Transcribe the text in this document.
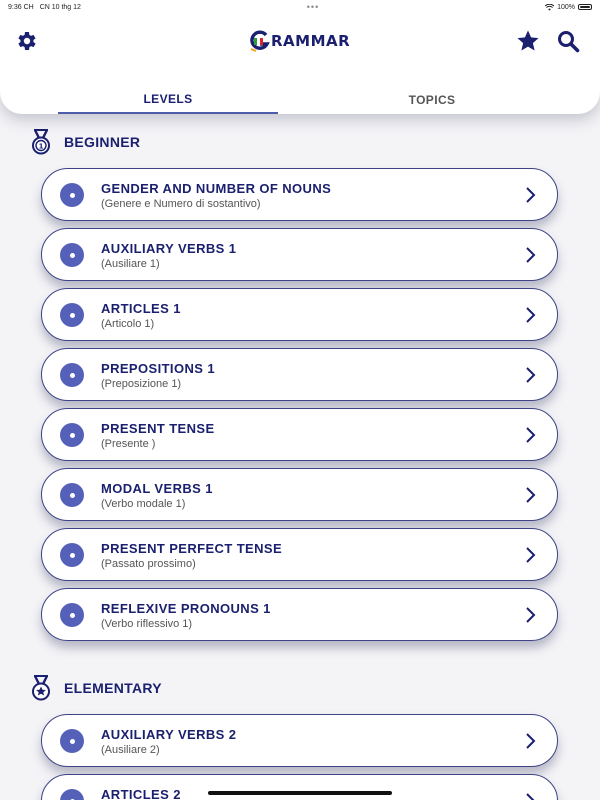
9:36 CH CN 10 thg 12	•••	100%
RAMMAR
LEVELS	TOPICS
1 BEGINNER
GENDER AND NUMBER OF NOUNS
(Genere e Numero di sostantivo)
AUXILIARY VERBS 1
(Ausiliare 1)
ARTICLES 1
(Articolo 1)
PREPOSITIONS 1
(Preposizione 1)
PRESENT TENSE
(Presente )
MODAL VERBS 1
(Verbo modale 1)
PRESENT PERFECT TENSE
(Passato prossimo)
REFLEXIVE PRONOUNS 1
(Verbo riflessivo 1)
ELEMENTARY
AUXILIARY VERBS 2
(Ausiliare 2)
ARTICLES 2
